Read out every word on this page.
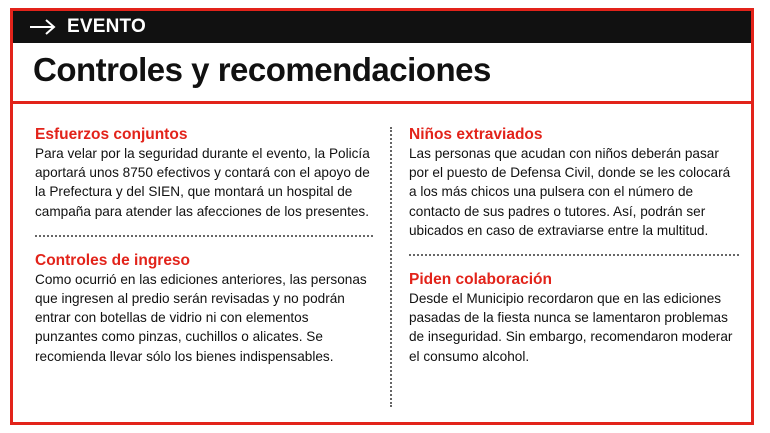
EVENTO
Controles y recomendaciones
Esfuerzos conjuntos

Para velar por la seguridad durante el evento, la Policía aportará unos 8750 efectivos y contará con el apoyo de la Prefectura y del SIEN, que montará un hospital de campaña para atender las afecciones de los presentes.

Controles de ingreso

Como ocurrió en las ediciones anteriores, las personas que ingresen al predio serán revisadas y no podrán entrar con botellas de vidrio ni con elementos punzantes como pinzas, cuchillos o alicates. Se recomienda llevar sólo los bienes indispensables.

Niños extraviados

Las personas que acudan con niños deberán pasar por el puesto de Defensa Civil, donde se les colocará a los más chicos una pulsera con el número de contacto de sus padres o tutores. Así, podrán ser ubicados en caso de extraviarse entre la multitud.

Piden colaboración

Desde el Municipio recordaron que en las ediciones pasadas de la fiesta nunca se lamentaron problemas de inseguridad. Sin embargo, recomendaron moderar el consumo alcohol.
